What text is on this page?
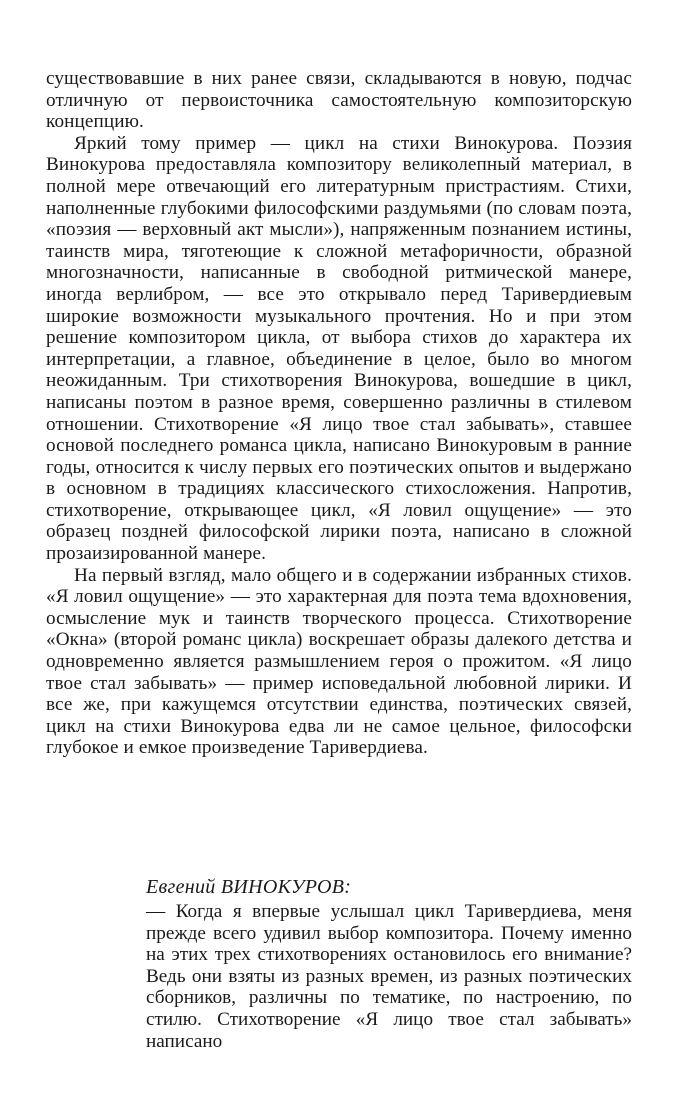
существовавшие в них ранее связи, складываются в новую, подчас отличную от первоисточника самостоятельную композиторскую концепцию.

Яркий тому пример — цикл на стихи Винокурова. Поэзия Винокурова предоставляла композитору великолепный материал, в полной мере отвечающий его литературным пристрастиям. Стихи, наполненные глубокими философскими раздумьями (по словам поэта, «поэзия — верховный акт мысли»), напряженным познанием истины, таинств мира, тяготеющие к сложной метафоричности, образной многозначности, написанные в свободной ритмической манере, иногда верлибром, — все это открывало перед Таривердиевым широкие возможности музыкального прочтения. Но и при этом решение композитором цикла, от выбора стихов до характера их интерпретации, а главное, объединение в целое, было во многом неожиданным. Три стихотворения Винокурова, вошедшие в цикл, написаны поэтом в разное время, совершенно различны в стилевом отношении. Стихотворение «Я лицо твое стал забывать», ставшее основой последнего романса цикла, написано Винокуровым в ранние годы, относится к числу первых его поэтических опытов и выдержано в основном в традициях классического стихосложения. Напротив, стихотворение, открывающее цикл, «Я ловил ощущение» — это образец поздней философской лирики поэта, написано в сложной прозаизированной манере.

На первый взгляд, мало общего и в содержании избранных стихов. «Я ловил ощущение» — это характерная для поэта тема вдохновения, осмысление мук и таинств творческого процесса. Стихотворение «Окна» (второй романс цикла) воскрешает образы далекого детства и одновременно является размышлением героя о прожитом. «Я лицо твое стал забывать» — пример исповедальной любовной лирики. И все же, при кажущемся отсутствии единства, поэтических связей, цикл на стихи Винокурова едва ли не самое цельное, философски глубокое и емкое произведение Таривердиева.

Евгений ВИНОКУРОВ:

— Когда я впервые услышал цикл Таривердиева, меня прежде всего удивил выбор композитора. Почему именно на этих трех стихотворениях остановилось его внимание? Ведь они взяты из разных времен, из разных поэтических сборников, различны по тематике, по настроению, по стилю. Стихотворение «Я лицо твое стал забывать» написано
